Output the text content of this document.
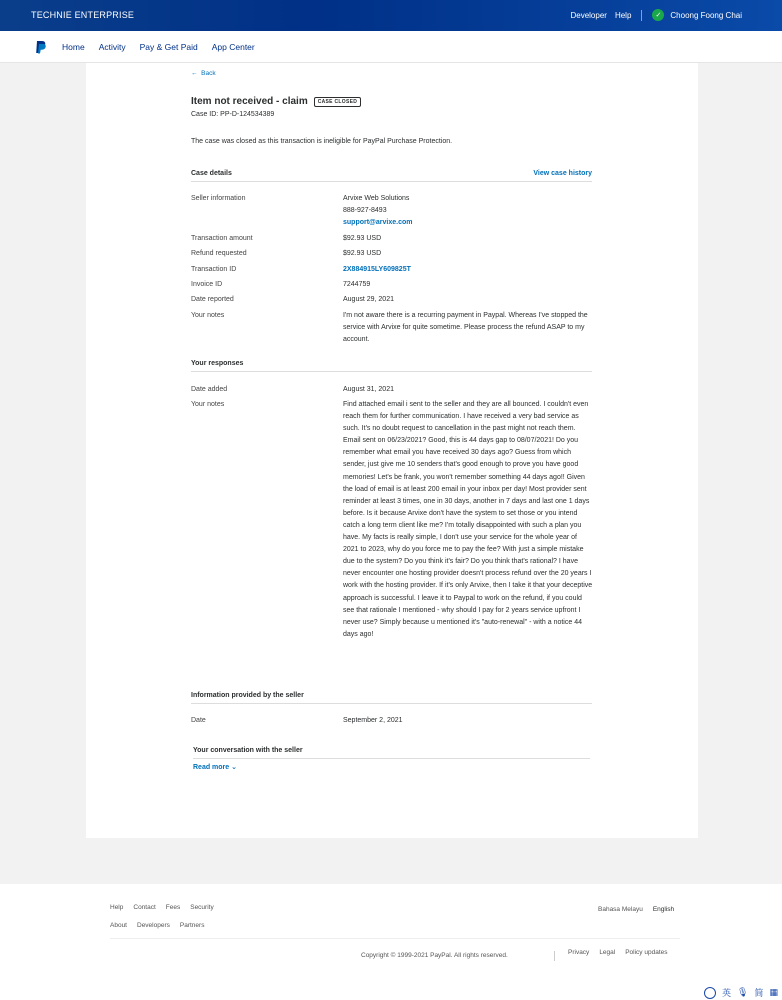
TECHNIE ENTERPRISE	Developer Help	✓	Choong Foong Chai
Home Activity Pay & Get Paid App Center
← Back
Item not received - claim	CASE CLOSED
Case ID: PP-D-124534389
The case was closed as this transaction is ineligible for PayPal Purchase Protection.
Case details	View case history
Seller information	Arvixe Web Solutions
888-927-8493
support@arvixe.com
Transaction amount	$92.93 USD
Refund requested	$92.93 USD
Transaction ID	2X884915LY609825T
Invoice ID	7244759
Date reported	August 29, 2021
Your notes	I'm not aware there is a recurring payment in Paypal. Whereas I've stopped the service with Arvixe for quite sometime. Please process the refund ASAP to my account.
Your responses
Date added	August 31, 2021
Your notes	Find attached email i sent to the seller and they are all bounced. I couldn't even reach them for further communication. I have received a very bad service as such. It's no doubt request to cancellation in the past might not reach them. Email sent on 06/23/2021? Good, this is 44 days gap to 08/07/2021! Do you remember what email you have received 30 days ago? Guess from which sender, just give me 10 senders that's good enough to prove you have good memories! Let's be frank, you won't remember something 44 days ago!! Given the load of email is at least 200 email in your inbox per day! Most provider sent reminder at least 3 times, one in 30 days, another in 7 days and last one 1 days before. Is it because Arvixe don't have the system to set those or you intend catch a long term client like me? I'm totally disappointed with such a plan you have. My facts is really simple, I don't use your service for the whole year of 2021 to 2023, why do you force me to pay the fee? With just a simple mistake due to the system? Do you think it's fair? Do you think that's rational? I have never encounter one hosting provider doesn't process refund over the 20 years I work with the hosting provider. If it's only Arvixe, then I take it that your deceptive approach is successful. I leave it to Paypal to work on the refund, if you could see that rationale I mentioned - why should I pay for 2 years service upfront I never use? Simply because u mentioned it's "auto-renewal" - with a notice 44 days ago!
Information provided by the seller
Date	September 2, 2021
Your conversation with the seller
Read more ⌄
Help Contact Fees Security
About Developers Partners
Bahasa Melayu English
Copyright © 1999-2021 PayPal. All rights reserved.	Privacy Legal Policy updates
英 🎙 简 ▦
